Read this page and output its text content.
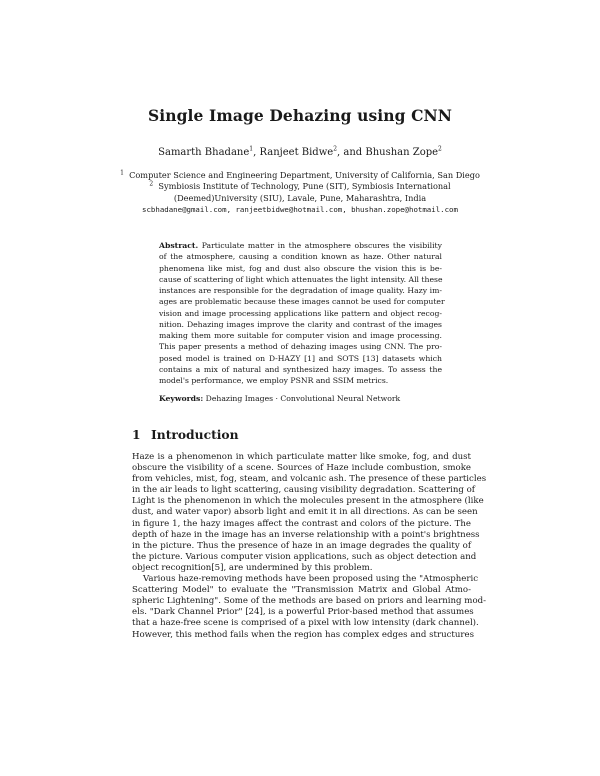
Single Image Dehazing using CNN
Samarth Bhadane$^1$, Ranjeet Bidwe$^2$, and Bhushan Zope$^2$
$^1$ Computer Science and Engineering Department, University of California, San Diego
$^2$ Symbiosis Institute of Technology, Pune (SIT), Symbiosis International
(Deemed)University (SIU), Lavale, Pune, Maharashtra, India
scbhadane@gmail.com, ranjeetbidwe@hotmail.com, bhushan.zope@hotmail.com
Abstract. Particulate matter in the atmosphere obscures the visibility
of the atmosphere, causing a condition known as haze. Other natural
phenomena like mist, fog and dust also obscure the vision this is be-
cause of scattering of light which attenuates the light intensity. All these
instances are responsible for the degradation of image quality. Hazy im-
ages are problematic because these images cannot be used for computer
vision and image processing applications like pattern and object recog-
nition. Dehazing images improve the clarity and contrast of the images
making them more suitable for computer vision and image processing.
This paper presents a method of dehazing images using CNN. The pro-
posed model is trained on D-HAZY [1] and SOTS [13] datasets which
contains a mix of natural and synthesized hazy images. To assess the
model's performance, we employ PSNR and SSIM metrics.
Keywords: Dehazing Images · Convolutional Neural Network
1 Introduction
Haze is a phenomenon in which particulate matter like smoke, fog, and dust
obscure the visibility of a scene. Sources of Haze include combustion, smoke
from vehicles, mist, fog, steam, and volcanic ash. The presence of these particles
in the air leads to light scattering, causing visibility degradation. Scattering of
Light is the phenomenon in which the molecules present in the atmosphere (like
dust, and water vapor) absorb light and emit it in all directions. As can be seen
in figure 1, the hazy images affect the contrast and colors of the picture. The
depth of haze in the image has an inverse relationship with a point's brightness
in the picture. Thus the presence of haze in an image degrades the quality of
the picture. Various computer vision applications, such as object detection and
object recognition[5], are undermined by this problem.
Various haze-removing methods have been proposed using the "Atmospheric
Scattering Model" to evaluate the "Transmission Matrix and Global Atmo-
spheric Lightening". Some of the methods are based on priors and learning mod-
els. "Dark Channel Prior" [24], is a powerful Prior-based method that assumes
that a haze-free scene is comprised of a pixel with low intensity (dark channel).
However, this method fails when the region has complex edges and structures
